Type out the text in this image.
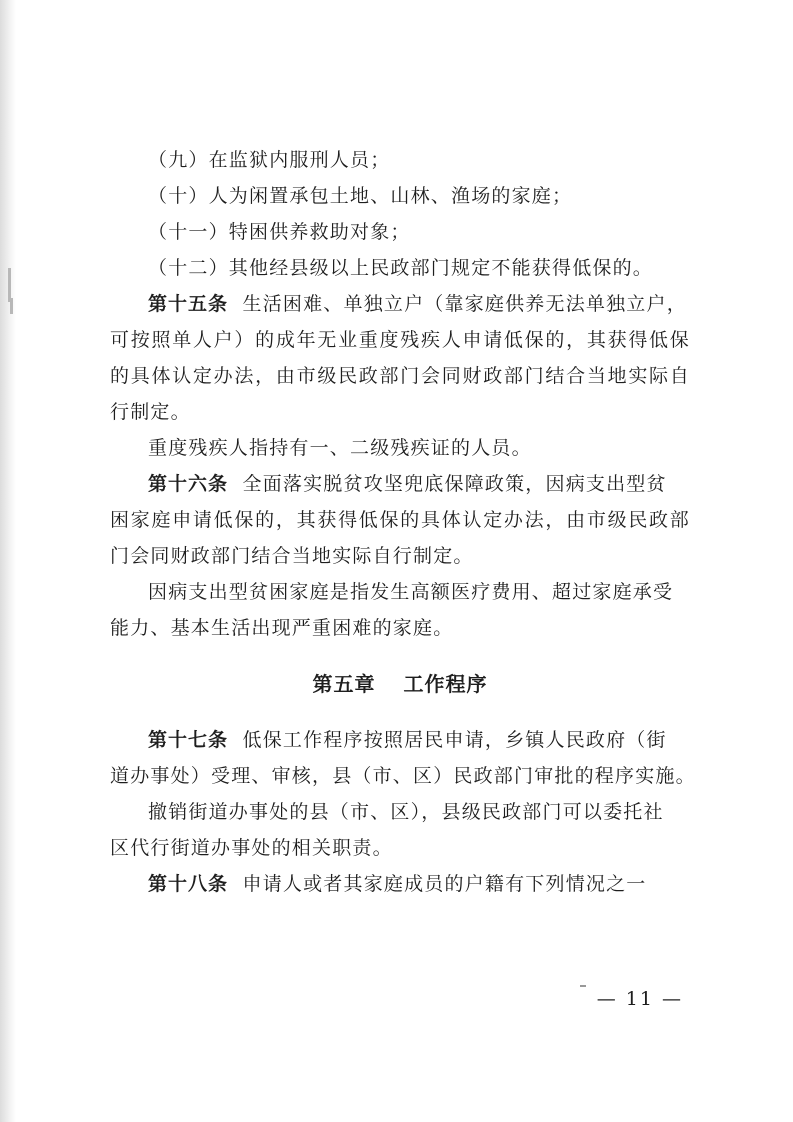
（九）在监狱内服刑人员；
（十）人为闲置承包土地、山林、渔场的家庭；
（十一）特困供养救助对象；
（十二）其他经县级以上民政部门规定不能获得低保的。
第十五条 生活困难、单独立户（靠家庭供养无法单独立户，
可按照单人户）的成年无业重度残疾人申请低保的，其获得低保
的具体认定办法，由市级民政部门会同财政部门结合当地实际自
行制定。
重度残疾人指持有一、二级残疾证的人员。
第十六条 全面落实脱贫攻坚兜底保障政策，因病支出型贫
困家庭申请低保的，其获得低保的具体认定办法，由市级民政部
门会同财政部门结合当地实际自行制定。
因病支出型贫困家庭是指发生高额医疗费用、超过家庭承受
能力、基本生活出现严重困难的家庭。
第五章 工作程序
第十七条 低保工作程序按照居民申请，乡镇人民政府（街
道办事处）受理、审核，县（市、区）民政部门审批的程序实施。
撤销街道办事处的县（市、区），县级民政部门可以委托社
区代行街道办事处的相关职责。
第十八条 申请人或者其家庭成员的户籍有下列情况之一
— 11 —
